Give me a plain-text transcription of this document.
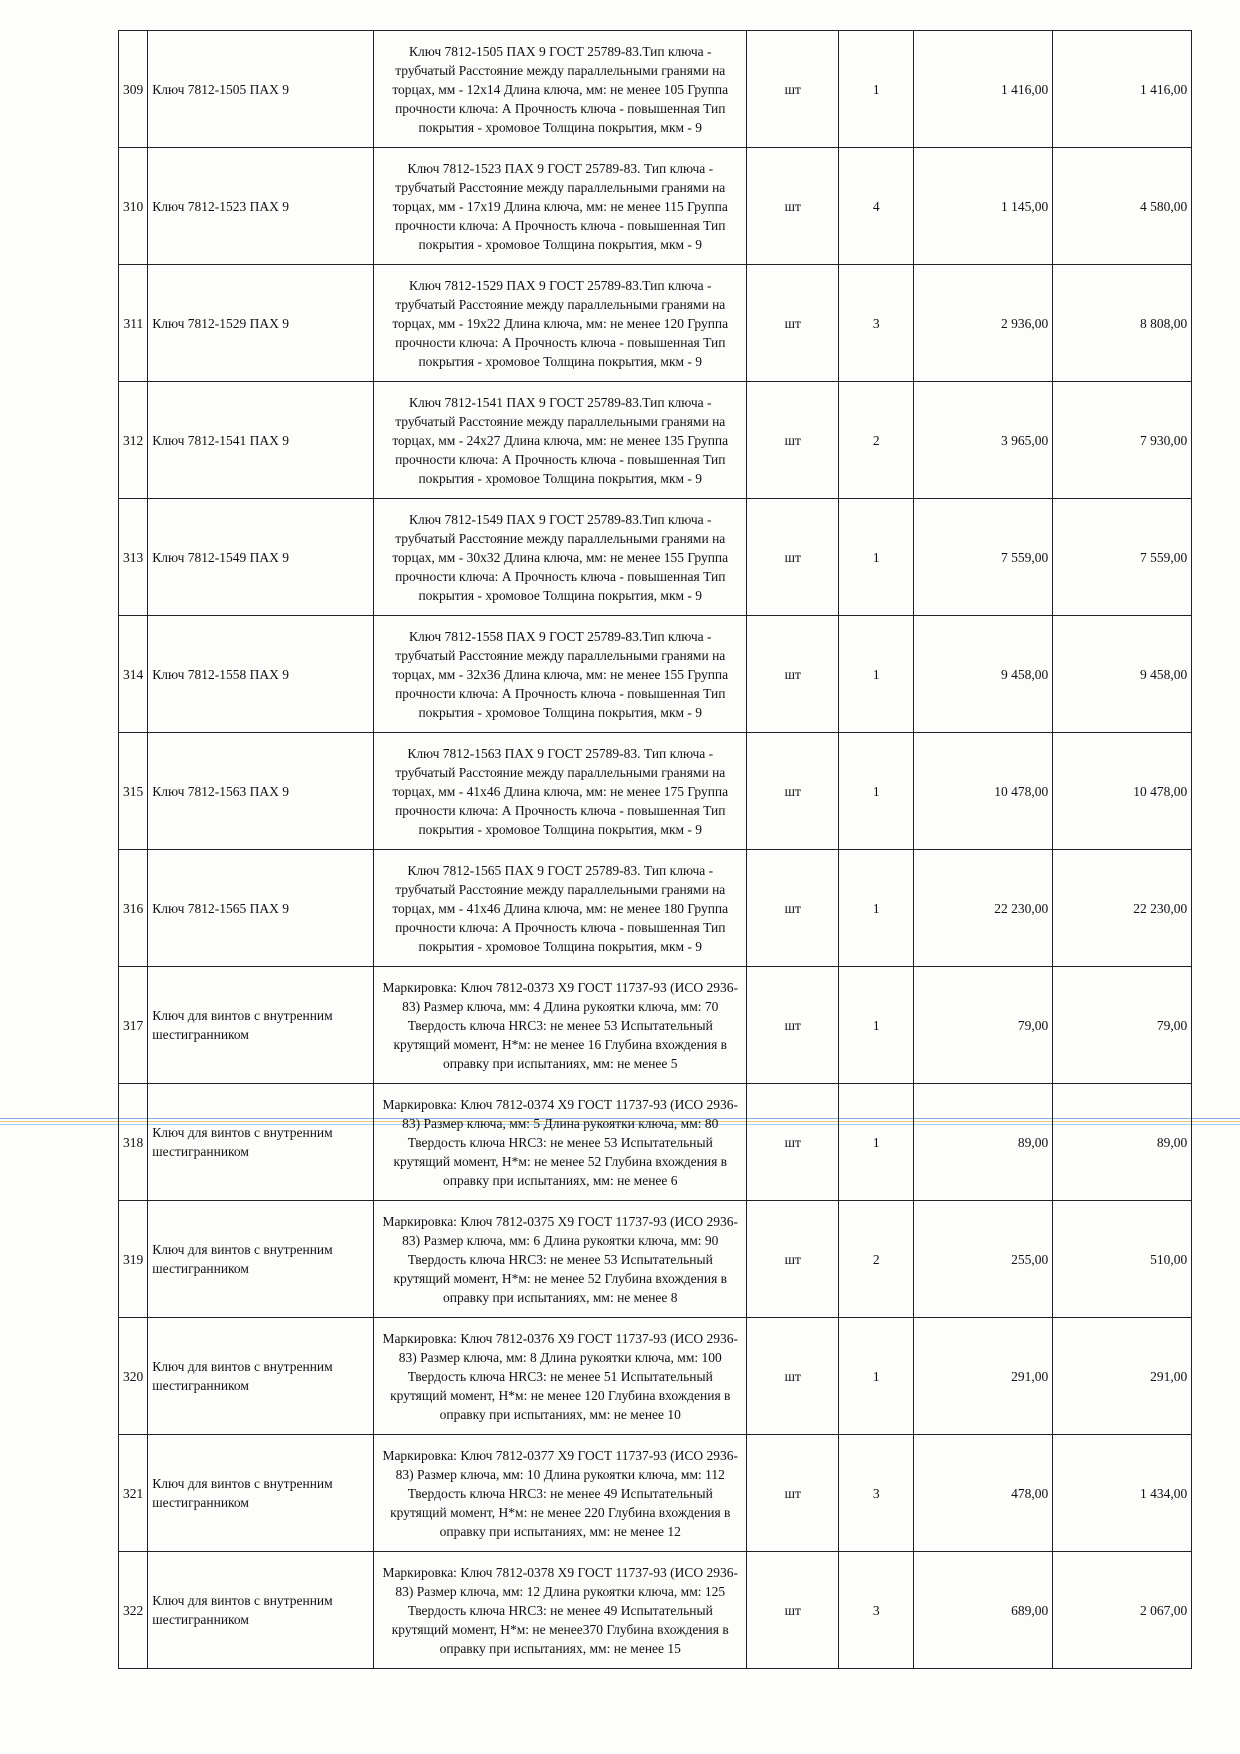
309	Ключ 7812-1505 ПАХ 9	Ключ 7812-1505 ПАХ 9 ГОСТ 25789-83.Тип ключа - трубчатый Расстояние между параллельными гранями на торцах, мм - 12х14 Длина ключа, мм: не менее 105 Группа прочности ключа: А Прочность ключа - повышенная Тип покрытия - хромовое Толщина покрытия, мкм - 9	шт	1	1 416,00	1 416,00
310	Ключ 7812-1523 ПАХ 9	Ключ 7812-1523 ПАХ 9 ГОСТ 25789-83. Тип ключа - трубчатый Расстояние между параллельными гранями на торцах, мм - 17х19 Длина ключа, мм: не менее 115 Группа прочности ключа: А Прочность ключа - повышенная Тип покрытия - хромовое Толщина покрытия, мкм - 9	шт	4	1 145,00	4 580,00
311	Ключ 7812-1529 ПАХ 9	Ключ 7812-1529 ПАХ 9 ГОСТ 25789-83.Тип ключа - трубчатый Расстояние между параллельными гранями на торцах, мм - 19х22 Длина ключа, мм: не менее 120 Группа прочности ключа: А Прочность ключа - повышенная Тип покрытия - хромовое Толщина покрытия, мкм - 9	шт	3	2 936,00	8 808,00
312	Ключ 7812-1541 ПАХ 9	Ключ 7812-1541 ПАХ 9 ГОСТ 25789-83.Тип ключа - трубчатый Расстояние между параллельными гранями на торцах, мм - 24х27 Длина ключа, мм: не менее 135 Группа прочности ключа: А Прочность ключа - повышенная Тип покрытия - хромовое Толщина покрытия, мкм - 9	шт	2	3 965,00	7 930,00
313	Ключ 7812-1549 ПАХ 9	Ключ 7812-1549 ПАХ 9 ГОСТ 25789-83.Тип ключа - трубчатый Расстояние между параллельными гранями на торцах, мм - 30х32 Длина ключа, мм: не менее 155 Группа прочности ключа: А Прочность ключа - повышенная Тип покрытия - хромовое Толщина покрытия, мкм - 9	шт	1	7 559,00	7 559,00
314	Ключ 7812-1558 ПАХ 9	Ключ 7812-1558 ПАХ 9 ГОСТ 25789-83.Тип ключа - трубчатый Расстояние между параллельными гранями на торцах, мм - 32х36 Длина ключа, мм: не менее 155 Группа прочности ключа: А Прочность ключа - повышенная Тип покрытия - хромовое Толщина покрытия, мкм - 9	шт	1	9 458,00	9 458,00
315	Ключ 7812-1563 ПАХ 9	Ключ 7812-1563 ПАХ 9 ГОСТ 25789-83. Тип ключа - трубчатый Расстояние между параллельными гранями на торцах, мм - 41х46 Длина ключа, мм: не менее 175 Группа прочности ключа: А Прочность ключа - повышенная Тип покрытия - хромовое Толщина покрытия, мкм - 9	шт	1	10 478,00	10 478,00
316	Ключ 7812-1565 ПАХ 9	Ключ 7812-1565 ПАХ 9 ГОСТ 25789-83. Тип ключа - трубчатый Расстояние между параллельными гранями на торцах, мм - 41х46 Длина ключа, мм: не менее 180 Группа прочности ключа: А Прочность ключа - повышенная Тип покрытия - хромовое Толщина покрытия, мкм - 9	шт	1	22 230,00	22 230,00
317	Ключ для винтов с внутренним шестигранником	Маркировка: Ключ 7812-0373 Х9 ГОСТ 11737-93 (ИСО 2936-83) Размер ключа, мм: 4 Длина рукоятки ключа, мм: 70 Твердость ключа HRC3: не менее 53 Испытательный крутящий момент, Н*м: не менее 16 Глубина вхождения в оправку при испытаниях, мм: не менее 5	шт	1	79,00	79,00
318	Ключ для винтов с внутренним шестигранником	Маркировка: Ключ 7812-0374 Х9 ГОСТ 11737-93 (ИСО 2936-83) Размер ключа, мм: 5 Длина рукоятки ключа, мм: 80 Твердость ключа HRC3: не менее 53 Испытательный крутящий момент, Н*м: не менее 52 Глубина вхождения в оправку при испытаниях, мм: не менее 6	шт	1	89,00	89,00
319	Ключ для винтов с внутренним шестигранником	Маркировка: Ключ 7812-0375 Х9 ГОСТ 11737-93 (ИСО 2936-83) Размер ключа, мм: 6 Длина рукоятки ключа, мм: 90 Твердость ключа HRC3: не менее 53 Испытательный крутящий момент, Н*м: не менее 52 Глубина вхождения в оправку при испытаниях, мм: не менее 8	шт	2	255,00	510,00
320	Ключ для винтов с внутренним шестигранником	Маркировка: Ключ 7812-0376 Х9 ГОСТ 11737-93 (ИСО 2936-83) Размер ключа, мм: 8 Длина рукоятки ключа, мм: 100 Твердость ключа HRC3: не менее 51 Испытательный крутящий момент, Н*м: не менее 120 Глубина вхождения в оправку при испытаниях, мм: не менее 10	шт	1	291,00	291,00
321	Ключ для винтов с внутренним шестигранником	Маркировка: Ключ 7812-0377 Х9 ГОСТ 11737-93 (ИСО 2936-83) Размер ключа, мм: 10 Длина рукоятки ключа, мм: 112 Твердость ключа HRC3: не менее 49 Испытательный крутящий момент, Н*м: не менее 220 Глубина вхождения в оправку при испытаниях, мм: не менее 12	шт	3	478,00	1 434,00
322	Ключ для винтов с внутренним шестигранником	Маркировка: Ключ 7812-0378 Х9 ГОСТ 11737-93 (ИСО 2936-83) Размер ключа, мм: 12 Длина рукоятки ключа, мм: 125 Твердость ключа HRC3: не менее 49 Испытательный крутящий момент, Н*м: не менее370 Глубина вхождения в оправку при испытаниях, мм: не менее 15	шт	3	689,00	2 067,00
